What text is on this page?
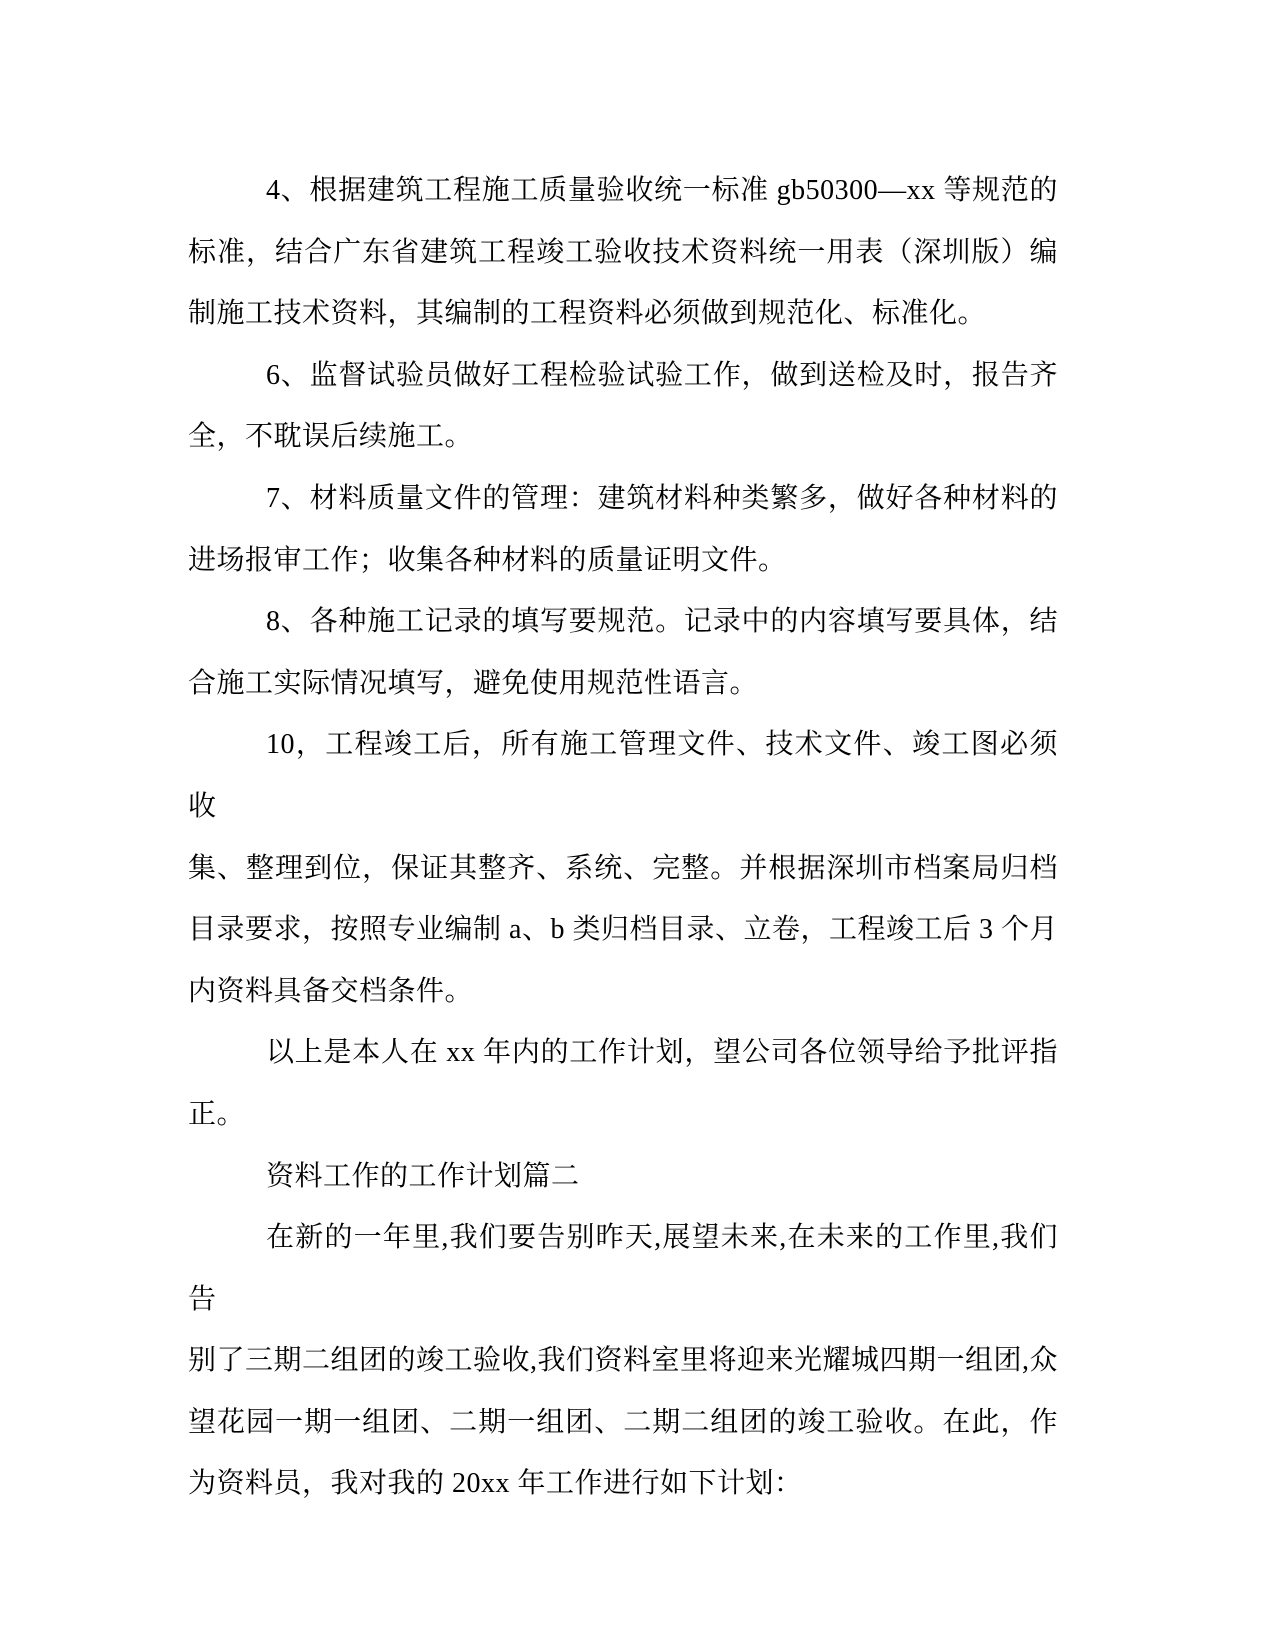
4、根据建筑工程施工质量验收统一标准 gb50300—xx 等规范的
标准，结合广东省建筑工程竣工验收技术资料统一用表（深圳版）编
制施工技术资料，其编制的工程资料必须做到规范化、标准化。
6、监督试验员做好工程检验试验工作，做到送检及时，报告齐
全，不耽误后续施工。
7、材料质量文件的管理：建筑材料种类繁多，做好各种材料的
进场报审工作；收集各种材料的质量证明文件。
8、各种施工记录的填写要规范。记录中的内容填写要具体，结
合施工实际情况填写，避免使用规范性语言。
10，工程竣工后，所有施工管理文件、技术文件、竣工图必须收
集、整理到位，保证其整齐、系统、完整。并根据深圳市档案局归档
目录要求，按照专业编制 a、b 类归档目录、立卷，工程竣工后 3 个月
内资料具备交档条件。
以上是本人在 xx 年内的工作计划，望公司各位领导给予批评指
正。
资料工作的工作计划篇二
在新的一年里,我们要告别昨天,展望未来,在未来的工作里,我们告
别了三期二组团的竣工验收,我们资料室里将迎来光耀城四期一组团,众
望花园一期一组团、二期一组团、二期二组团的竣工验收。在此，作
为资料员，我对我的 20xx 年工作进行如下计划：
